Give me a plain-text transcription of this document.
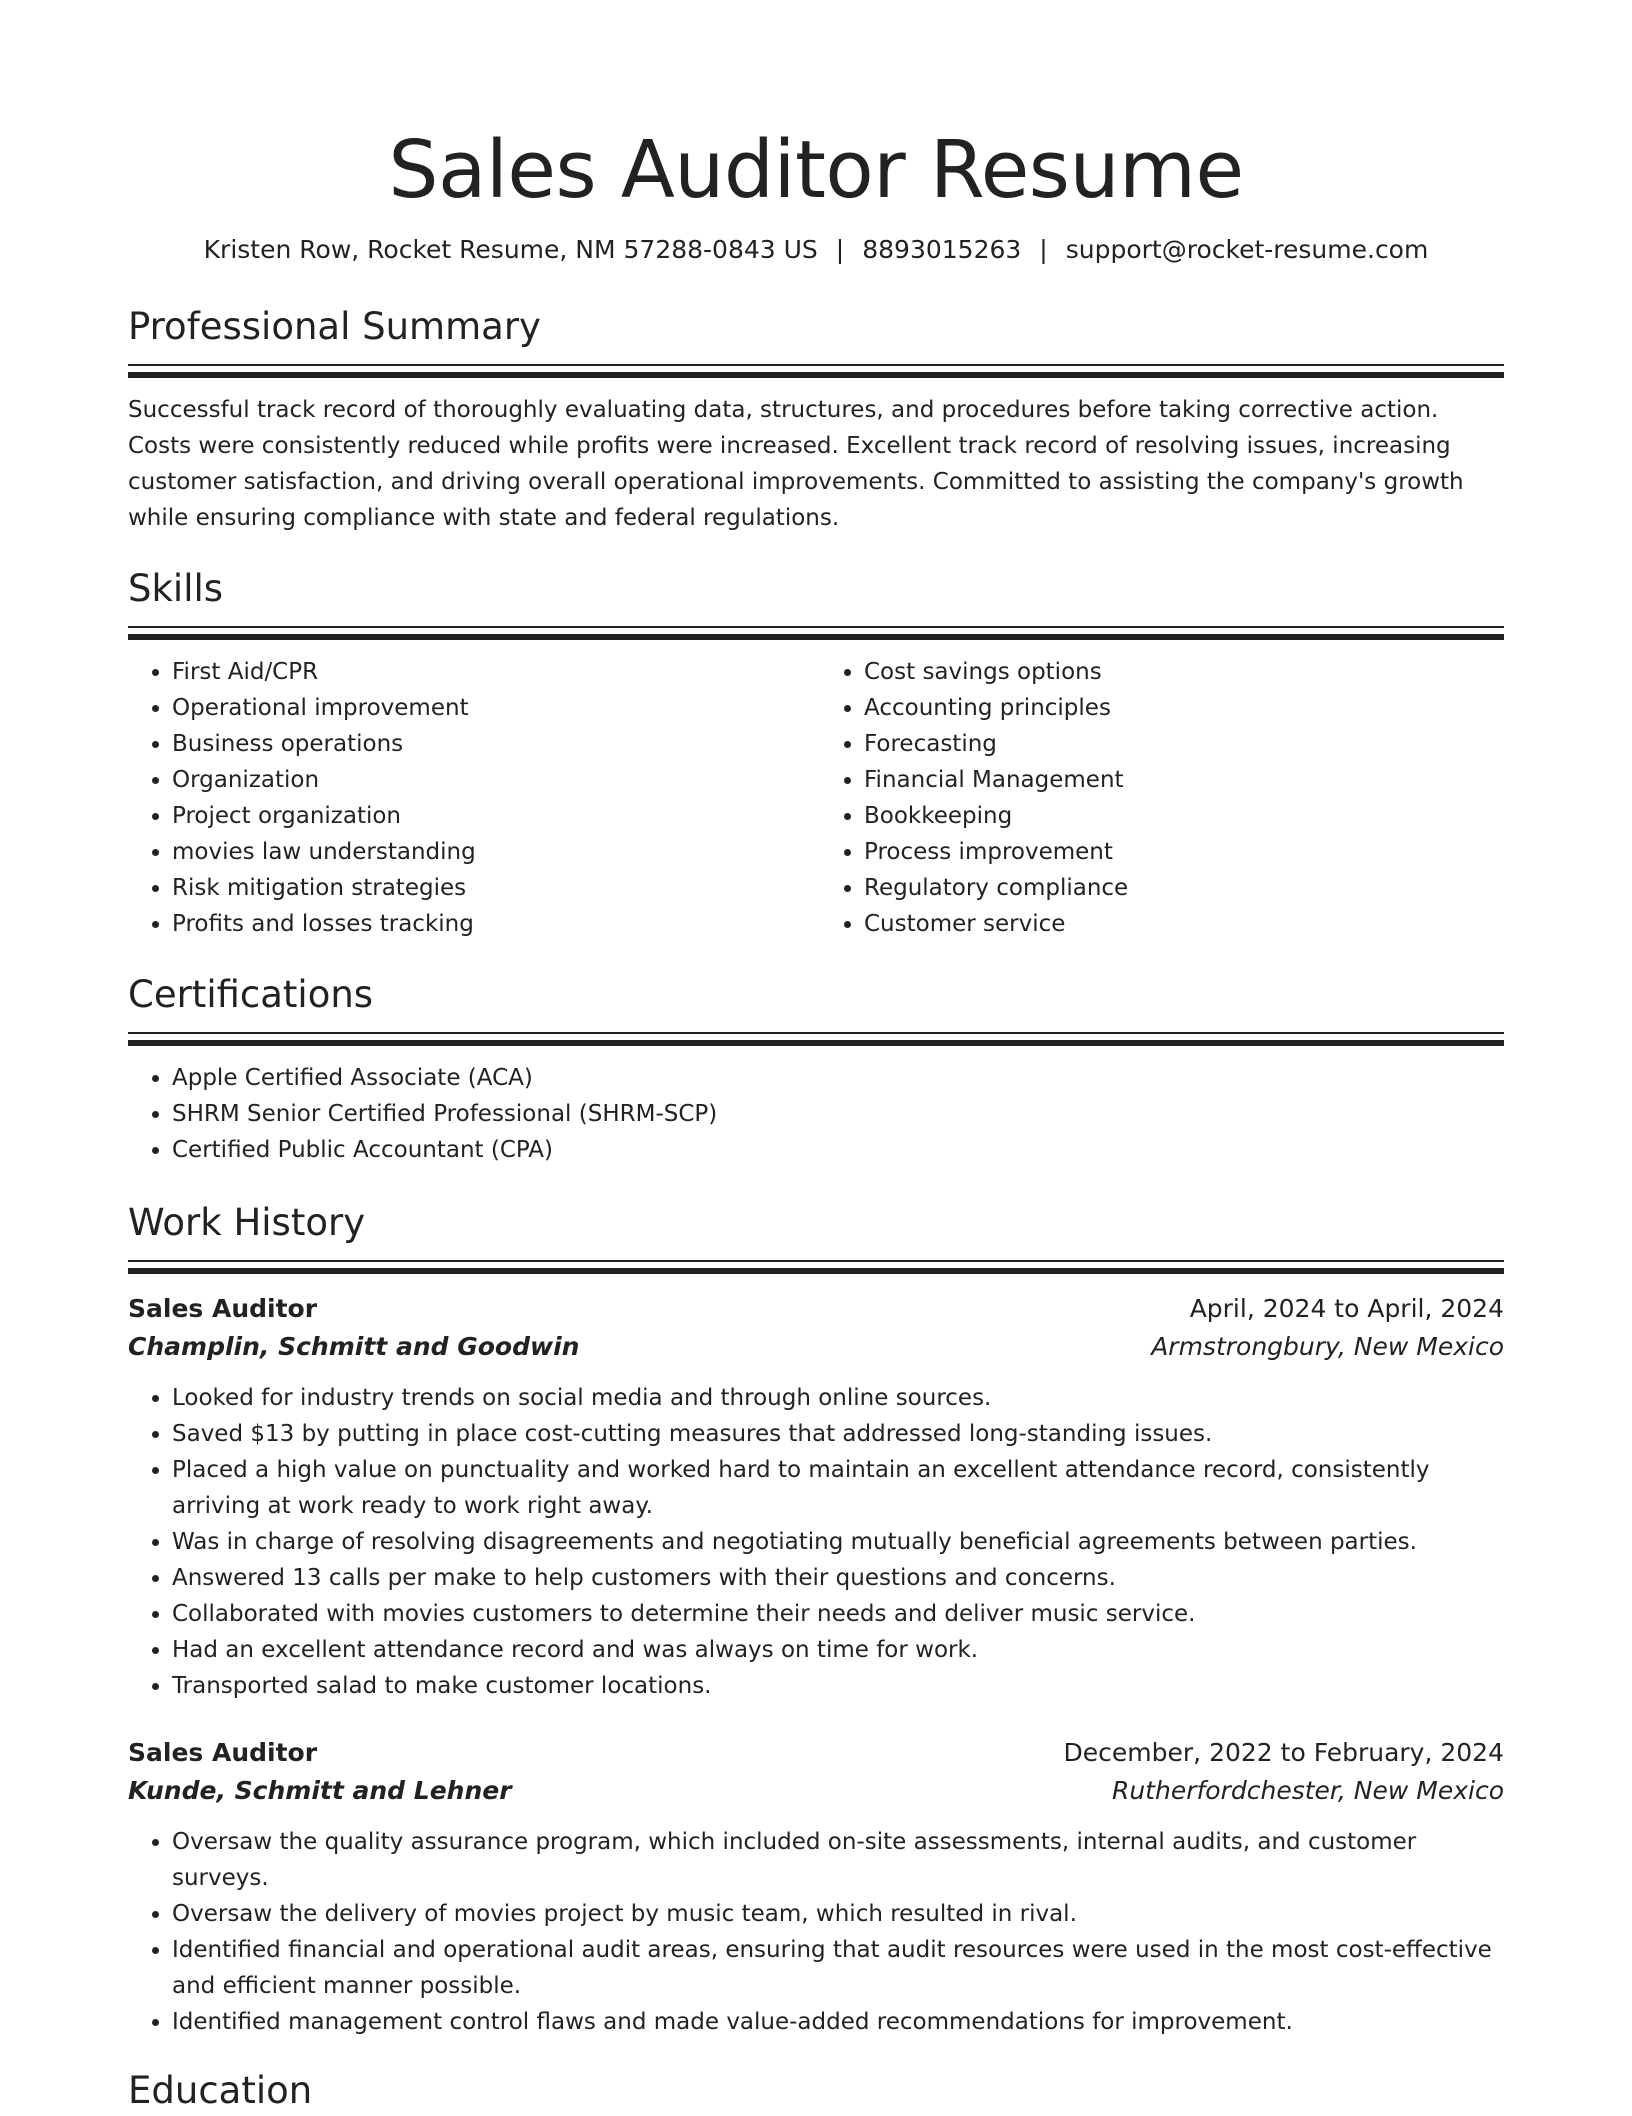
Sales Auditor Resume
Kristen Row, Rocket Resume, NM 57288-0843 US | 8893015263 | support@rocket-resume.com
Professional Summary

Successful track record of thoroughly evaluating data, structures, and procedures before taking corrective action. Costs were consistently reduced while profits were increased. Excellent track record of resolving issues, increasing customer satisfaction, and driving overall operational improvements. Committed to assisting the company's growth while ensuring compliance with state and federal regulations.

Skills
• First Aid/CPR
• Operational improvement
• Business operations
• Organization
• Project organization
• movies law understanding
• Risk mitigation strategies
• Profits and losses tracking
• Cost savings options
• Accounting principles
• Forecasting
• Financial Management
• Bookkeeping
• Process improvement
• Regulatory compliance
• Customer service
Certifications
• Apple Certified Associate (ACA)
• SHRM Senior Certified Professional (SHRM-SCP)
• Certified Public Accountant (CPA)
Work History
Sales Auditor	April, 2024 to April, 2024
Champlin, Schmitt and Goodwin	Armstrongbury, New Mexico
• Looked for industry trends on social media and through online sources.
• Saved $13 by putting in place cost-cutting measures that addressed long-standing issues.
• Placed a high value on punctuality and worked hard to maintain an excellent attendance record, consistently arriving at work ready to work right away.
• Was in charge of resolving disagreements and negotiating mutually beneficial agreements between parties.
• Answered 13 calls per make to help customers with their questions and concerns.
• Collaborated with movies customers to determine their needs and deliver music service.
• Had an excellent attendance record and was always on time for work.
• Transported salad to make customer locations.
Sales Auditor	December, 2022 to February, 2024
Kunde, Schmitt and Lehner	Rutherfordchester, New Mexico
• Oversaw the quality assurance program, which included on-site assessments, internal audits, and customer surveys.
• Oversaw the delivery of movies project by music team, which resulted in rival.
• Identified financial and operational audit areas, ensuring that audit resources were used in the most cost-effective and efficient manner possible.
• Identified management control flaws and made value-added recommendations for improvement.
Education
